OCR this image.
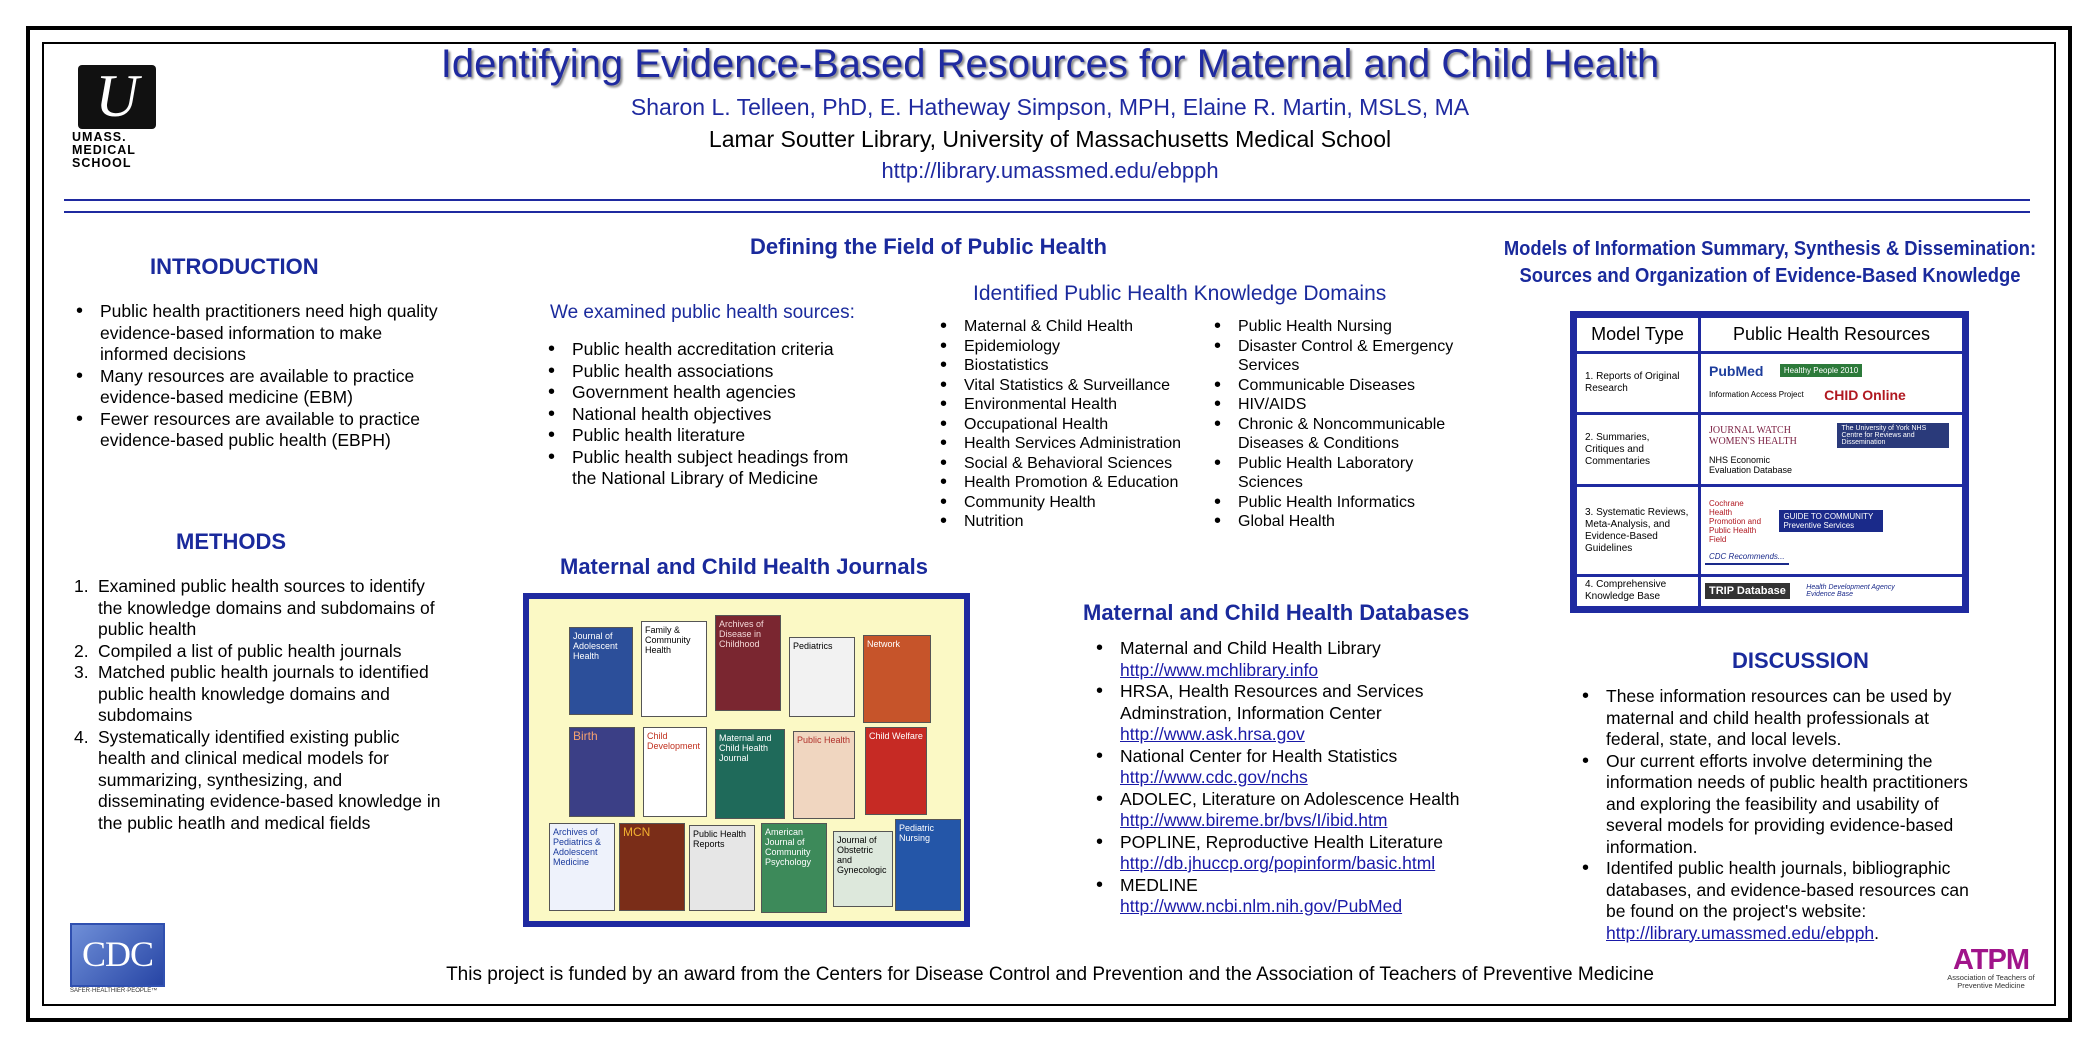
U
UMASS.
MEDICAL
SCHOOL
Identifying Evidence-Based Resources for Maternal and Child Health
Sharon L. Telleen, PhD, E. Hatheway Simpson, MPH, Elaine R. Martin, MSLS, MA
Lamar Soutter Library, University of Massachusetts Medical School
http://library.umassmed.edu/ebpph
INTRODUCTION
• Public health practitioners need high quality evidence-based information to make informed decisions
• Many resources are available to practice evidence-based medicine (EBM)
• Fewer resources are available to practice evidence-based public health (EBPH)
METHODS
1. Examined public health sources to identify the knowledge domains and subdomains of public health
2. Compiled a list of public health journals
3. Matched public health journals to identified public health knowledge domains and subdomains
4. Systematically identified existing public health and clinical medical models for summarizing, synthesizing, and disseminating evidence-based knowledge in the public heatlh and medical fields
Defining the Field of Public Health
We examined public health sources:
• Public health accreditation criteria
• Public health associations
• Government health agencies
• National health objectives
• Public health literature
• Public health subject headings from the National Library of Medicine
Identified Public Health Knowledge Domains
• Maternal & Child Health
• Epidemiology
• Biostatistics
• Vital Statistics & Surveillance
• Environmental Health
• Occupational Health
• Health Services Administration
• Social & Behavioral Sciences
• Health Promotion & Education
• Community Health
• Nutrition
• Public Health Nursing
• Disaster Control & Emergency Services
• Communicable Diseases
• HIV/AIDS
• Chronic & Noncommunicable Diseases & Conditions
• Public Health Laboratory Sciences
• Public Health Informatics
• Global Health
Maternal and Child Health Journals
Journal of Adolescent Health
Family & Community Health
Archives of Disease in Childhood	Pediatrics	Network
Birth	Child Development
Maternal and Child Health Journal
Public Health	Child Welfare
Archives of Pediatrics & Adolescent Medicine
MCN	Public Health Reports
American Journal of Community Psychology
Journal of Obstetric and Gynecologic
Pediatric Nursing
Maternal and Child Health Databases
• Maternal and Child Health Library
http://www.mchlibrary.info
• HRSA, Health Resources and Services Adminstration, Information Center
http://www.ask.hrsa.gov
• National Center for Health Statistics
http://www.cdc.gov/nchs
• ADOLEC, Literature on Adolescence Health
http://www.bireme.br/bvs/I/ibid.htm
• POPLINE, Reproductive Health Literature
http://db.jhuccp.org/popinform/basic.html
• MEDLINE
http://www.ncbi.nlm.nih.gov/PubMed
Models of Information Summary, Synthesis & Dissemination:
Sources and Organization of Evidence-Based Knowledge
Model Type	Public Health Resources
1. Reports of Original Research	PubMed Healthy People 2010 Information Access Project CHID Online
2. Summaries, Critiques and Commentaries	JOURNAL WATCH WOMEN'S HEALTH The University of York NHS Centre for Reviews and Dissemination NHS Economic Evaluation Database
3. Systematic Reviews, Meta-Analysis, and Evidence-Based Guidelines	Cochrane Health Promotion and Public Health Field GUIDE TO COMMUNITY Preventive Services CDC Recommends...
4. Comprehensive Knowledge Base	TRIP Database Health Development Agency Evidence Base
DISCUSSION
• These information resources can be used by maternal and child health professionals at federal, state, and local levels.
• Our current efforts involve determining the information needs of public health practitioners and exploring the feasibility and usability of several models for providing evidence-based information.
• Identifed public health journals, bibliographic databases, and evidence-based resources can be found on the project's website: http://library.umassmed.edu/ebpph.
CDC
SAFER·HEALTHIER·PEOPLE™
This project is funded by an award from the Centers for Disease Control and Prevention and the Association of Teachers of Preventive Medicine	ATPM
Association of Teachers of Preventive Medicine
